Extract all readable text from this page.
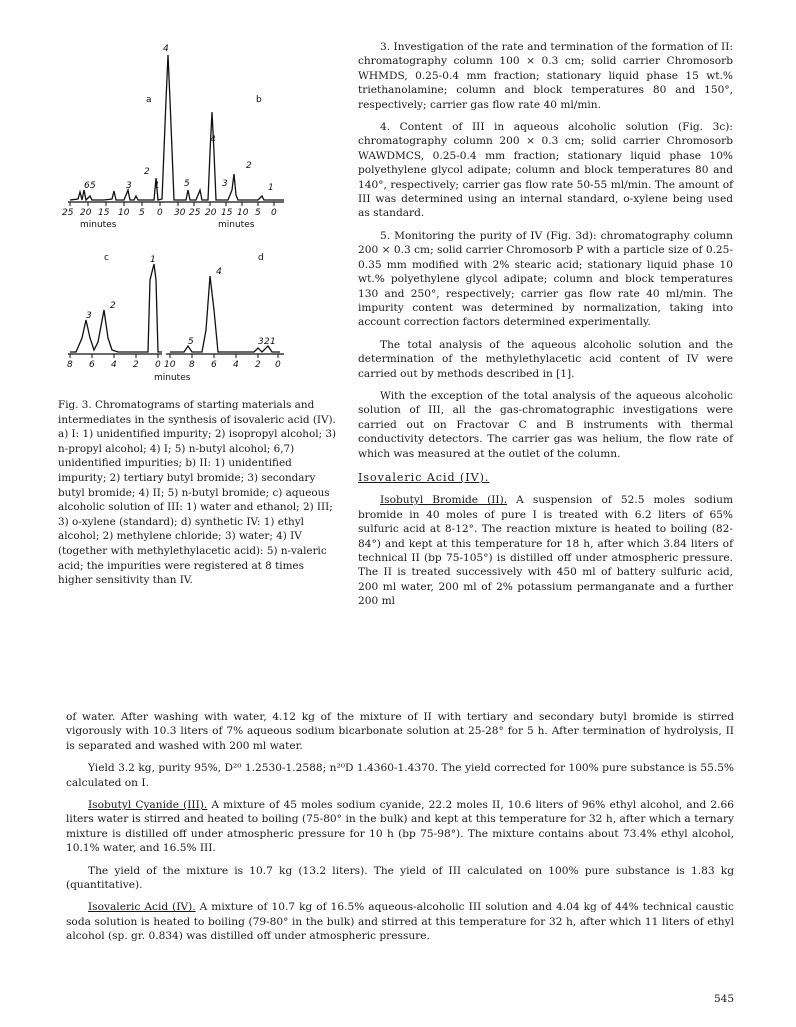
4
6 5	3
2
1
4
5	3
2
1
1
2
3
4
5	3 2 1
25 20 15 10 5 0 30 25 20 15 10 5 0
8 6 4 2 0 10 8 6 4 2 0
a	b
c	d
minutes	minutes
minutes

Fig. 3. Chromatograms of starting materials and intermediates in the synthesis of isovaleric acid (IV). a) I: 1) unidentified impurity; 2) isopropyl alcohol; 3) n-propyl alcohol; 4) I; 5) n-butyl alcohol; 6,7) unidentified impurities; b) II: 1) unidentified impurity; 2) tertiary butyl bromide; 3) secondary butyl bromide; 4) II; 5) n-butyl bromide; c) aqueous alcoholic solution of III: 1) water and ethanol; 2) III; 3) o-xylene (standard); d) synthetic IV: 1) ethyl alcohol; 2) methylene chloride; 3) water; 4) IV (together with methylethylacetic acid): 5) n-valeric acid; the impurities were registered at 8 times higher sensitivity than IV.

3. Investigation of the rate and termination of the formation of II: chromatography column 100 × 0.3 cm; solid carrier Chromosorb WHMDS, 0.25-0.4 mm fraction; stationary liquid phase 15 wt.% triethanolamine; column and block temperatures 80 and 150°, respectively; carrier gas flow rate 40 ml/min.

4. Content of III in aqueous alcoholic solution (Fig. 3c): chromatography column 200 × 0.3 cm; solid carrier Chromosorb WAWDMCS, 0.25-0.4 mm fraction; stationary liquid phase 10% polyethylene glycol adipate; column and block temperatures 80 and 140°, respectively; carrier gas flow rate 50-55 ml/min. The amount of III was determined using an internal standard, o-xylene being used as standard.

5. Monitoring the purity of IV (Fig. 3d): chromatography column 200 × 0.3 cm; solid carrier Chromosorb P with a particle size of 0.25-0.35 mm modified with 2% stearic acid; stationary liquid phase 10 wt.% polyethylene glycol adipate; column and block temperatures 130 and 250°, respectively; carrier gas flow rate 40 ml/min. The impurity content was determined by normalization, taking into account correction factors determined experimentally.

The total analysis of the aqueous alcoholic solution and the determination of the methylethylacetic acid content of IV were carried out by methods described in [1].

With the exception of the total analysis of the aqueous alcoholic solution of III, all the gas-chromatographic investigations were carried out on Fractovar C and B instruments with thermal conductivity detectors. The carrier gas was helium, the flow rate of which was measured at the outlet of the column.

Isovaleric Acid (IV).

Isobutyl Bromide (II). A suspension of 52.5 moles sodium bromide in 40 moles of pure I is treated with 6.2 liters of 65% sulfuric acid at 8-12°. The reaction mixture is heated to boiling (82-84°) and kept at this temperature for 18 h, after which 3.84 liters of technical II (bp 75-105°) is distilled off under atmospheric pressure. The II is treated successively with 450 ml of battery sulfuric acid, 200 ml water, 200 ml of 2% potassium permanganate and a further 200 ml

of water. After washing with water, 4.12 kg of the mixture of II with tertiary and secondary butyl bromide is stirred vigorously with 10.3 liters of 7% aqueous sodium bicarbonate solution at 25-28° for 5 h. After termination of hydrolysis, II is separated and washed with 200 ml water.

Yield 3.2 kg, purity 95%, D²⁰ 1.2530-1.2588; n²⁰D 1.4360-1.4370. The yield corrected for 100% pure substance is 55.5% calculated on I.

Isobutyl Cyanide (III). A mixture of 45 moles sodium cyanide, 22.2 moles II, 10.6 liters of 96% ethyl alcohol, and 2.66 liters water is stirred and heated to boiling (75-80° in the bulk) and kept at this temperature for 32 h, after which a ternary mixture is distilled off under atmospheric pressure for 10 h (bp 75-98°). The mixture contains about 73.4% ethyl alcohol, 10.1% water, and 16.5% III.

The yield of the mixture is 10.7 kg (13.2 liters). The yield of III calculated on 100% pure substance is 1.83 kg (quantitative).

Isovaleric Acid (IV). A mixture of 10.7 kg of 16.5% aqueous-alcoholic III solution and 4.04 kg of 44% technical caustic soda solution is heated to boiling (79-80° in the bulk) and stirred at this temperature for 32 h, after which 11 liters of ethyl alcohol (sp. gr. 0.834) was distilled off under atmospheric pressure.

545
